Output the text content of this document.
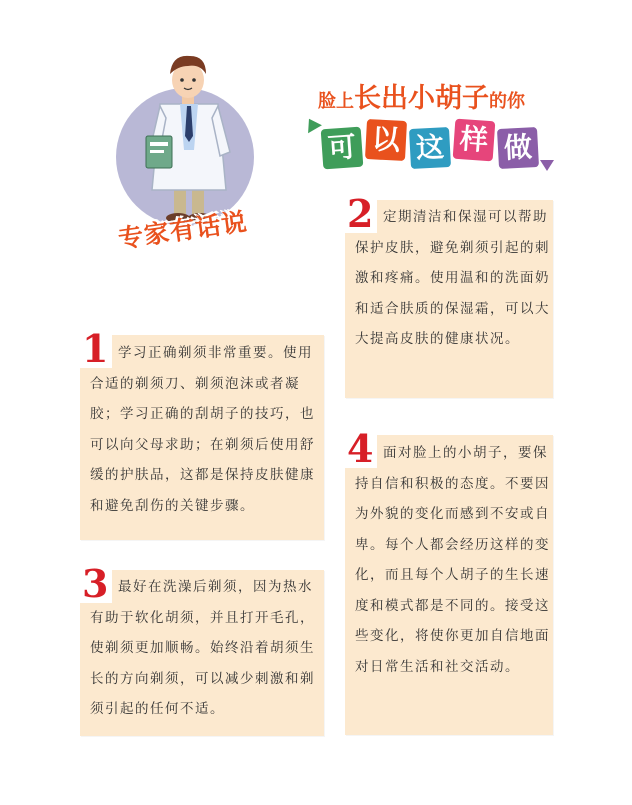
专家有话说
脸上长出小胡子的你
可 以 这 样 做
1 学习正确剃须非常重要。使用合适的剃须刀、剃须泡沫或者凝胶；学习正确的刮胡子的技巧，也可以向父母求助；在剃须后使用舒缓的护肤品，这都是保持皮肤健康和避免刮伤的关键步骤。
2 定期清洁和保湿可以帮助保护皮肤，避免剃须引起的刺激和疼痛。使用温和的洗面奶和适合肤质的保湿霜，可以大大提高皮肤的健康状况。
3 最好在洗澡后剃须，因为热水有助于软化胡须，并且打开毛孔，使剃须更加顺畅。始终沿着胡须生长的方向剃须，可以减少刺激和剃须引起的任何不适。
4 面对脸上的小胡子，要保持自信和积极的态度。不要因为外貌的变化而感到不安或自卑。每个人都会经历这样的变化，而且每个人胡子的生长速度和模式都是不同的。接受这些变化，将使你更加自信地面对日常生活和社交活动。
